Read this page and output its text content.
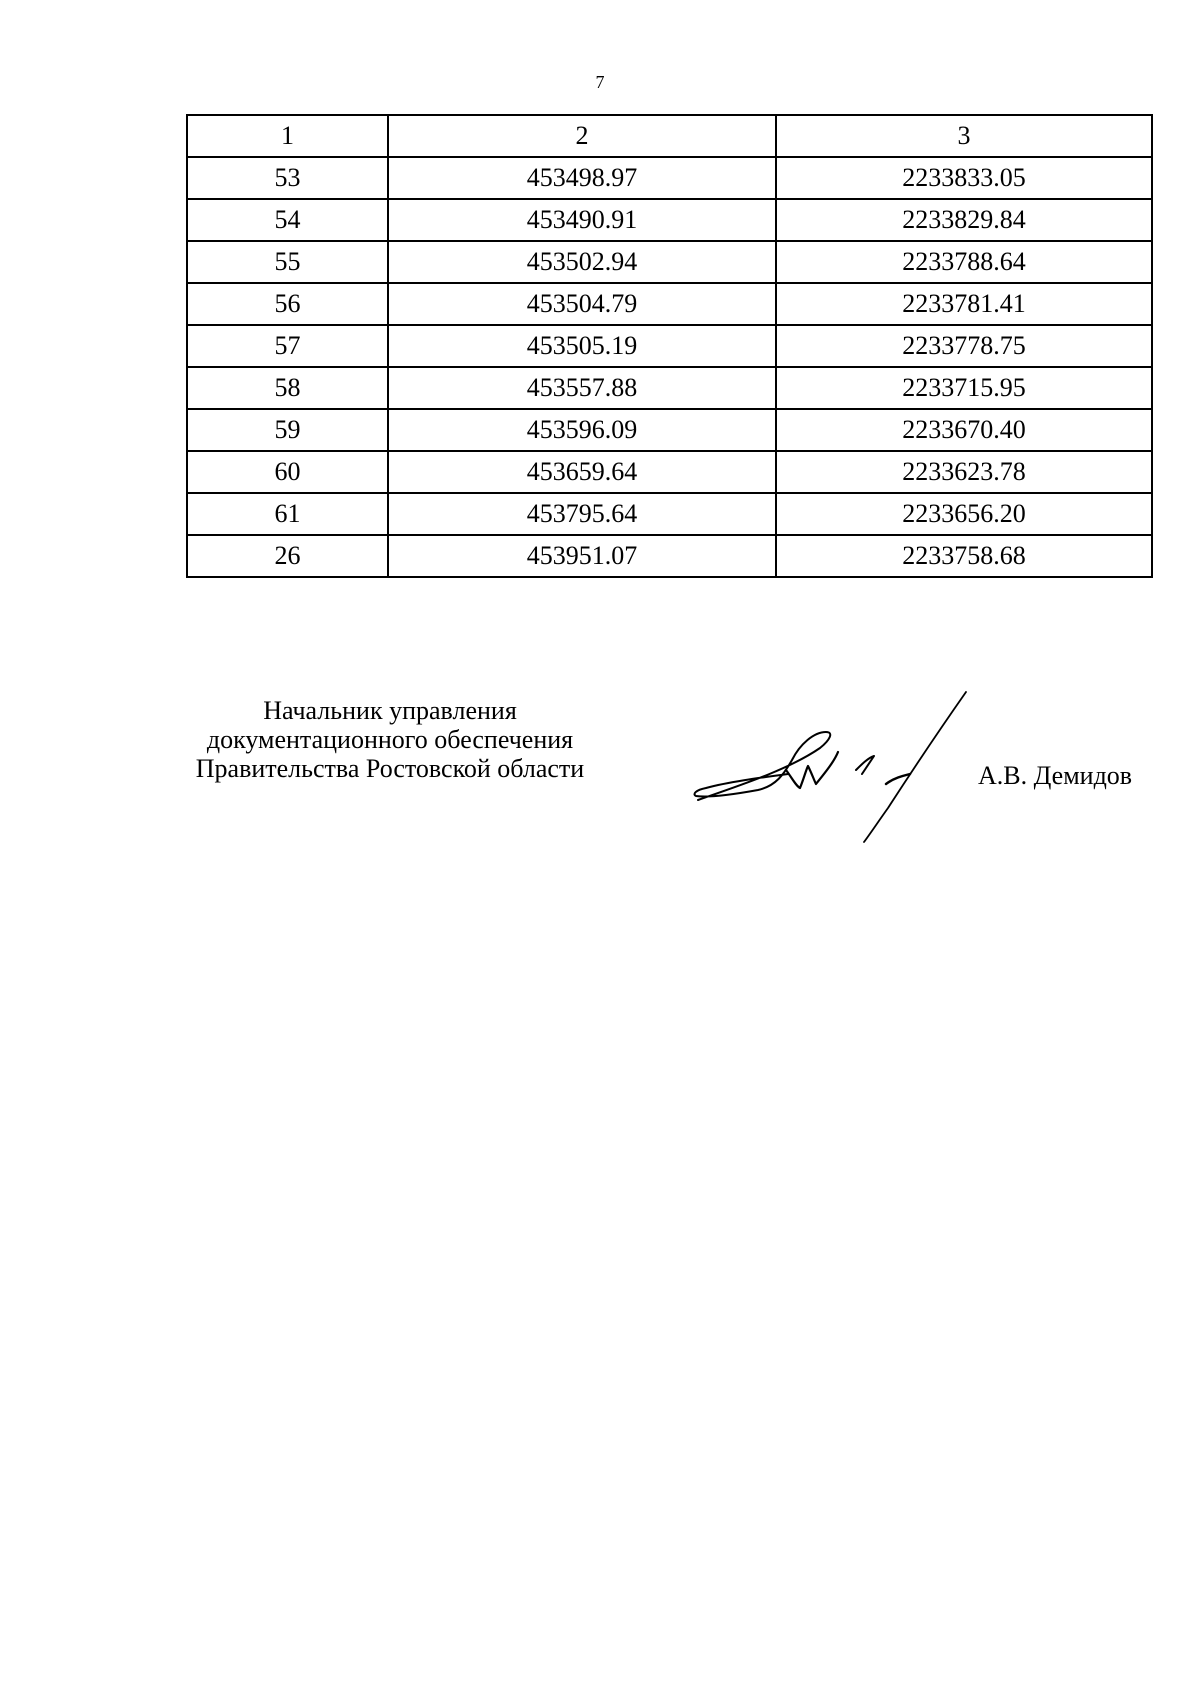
7
1	2	3
53	453498.97	2233833.05
54	453490.91	2233829.84
55	453502.94	2233788.64
56	453504.79	2233781.41
57	453505.19	2233778.75
58	453557.88	2233715.95
59	453596.09	2233670.40
60	453659.64	2233623.78
61	453795.64	2233656.20
26	453951.07	2233758.68
Начальник управления
документационного обеспечения
Правительства Ростовской области	А.В. Демидов
